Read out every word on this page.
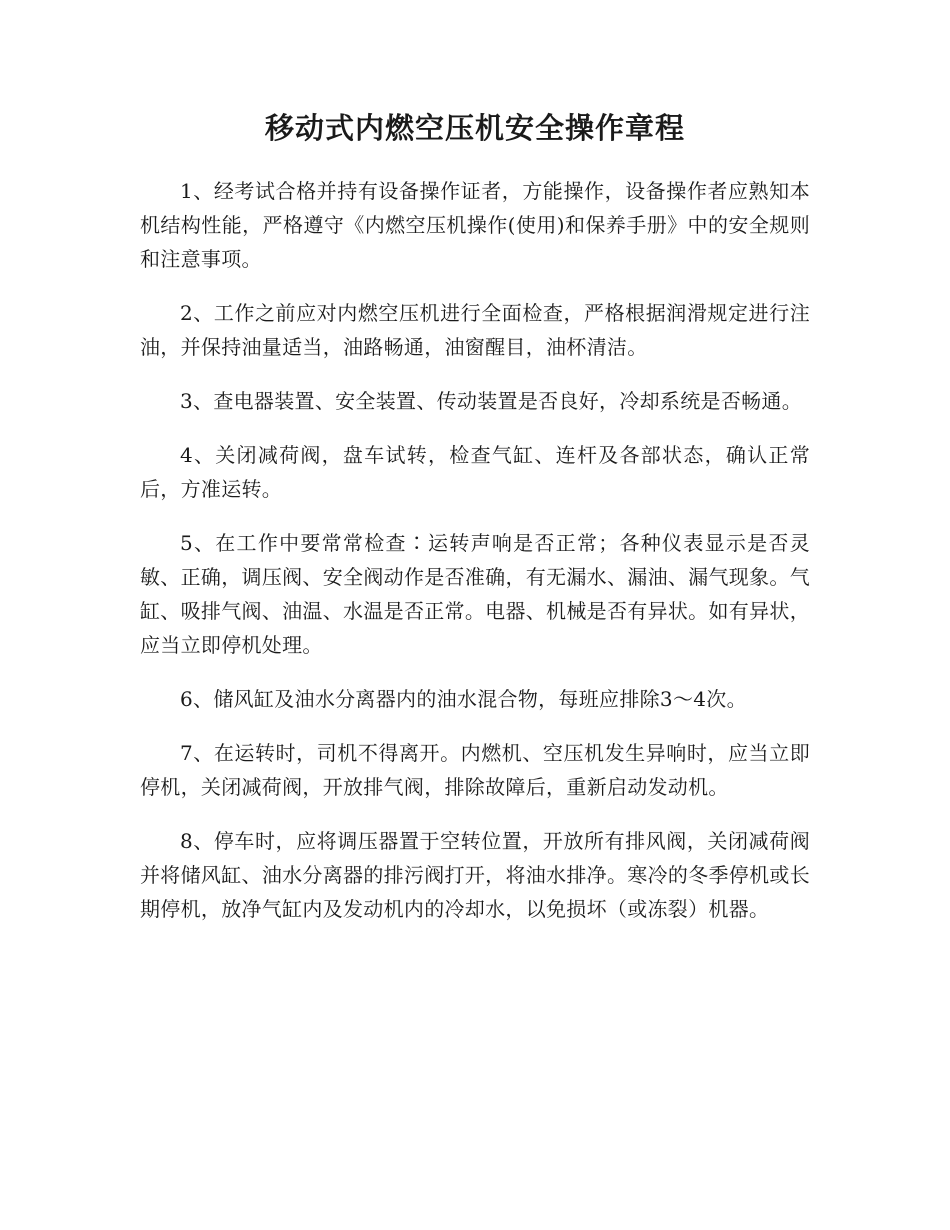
移动式内燃空压机安全操作章程

1、经考试合格并持有设备操作证者，方能操作，设备操作者应熟知本机结构性能，严格遵守《内燃空压机操作(使用)和保养手册》中的安全规则和注意事项。

2、工作之前应对内燃空压机进行全面检查，严格根据润滑规定进行注油，并保持油量适当，油路畅通，油窗醒目，油杯清洁。

3、查电器装置、安全装置、传动装置是否良好，冷却系统是否畅通。

4、关闭减荷阀，盘车试转，检查气缸、连杆及各部状态，确认正常后，方准运转。

5、在工作中要常常检查∶运转声响是否正常；各种仪表显示是否灵敏、正确，调压阀、安全阀动作是否准确，有无漏水、漏油、漏气现象。气缸、吸排气阀、油温、水温是否正常。电器、机械是否有异状。如有异状，应当立即停机处理。

6、储风缸及油水分离器内的油水混合物，每班应排除3～4次。

7、在运转时，司机不得离开。内燃机、空压机发生异响时，应当立即停机，关闭减荷阀，开放排气阀，排除故障后，重新启动发动机。

8、停车时，应将调压器置于空转位置，开放所有排风阀，关闭减荷阀并将储风缸、油水分离器的排污阀打开，将油水排净。寒冷的冬季停机或长期停机，放净气缸内及发动机内的冷却水，以免损坏（或冻裂）机器。
